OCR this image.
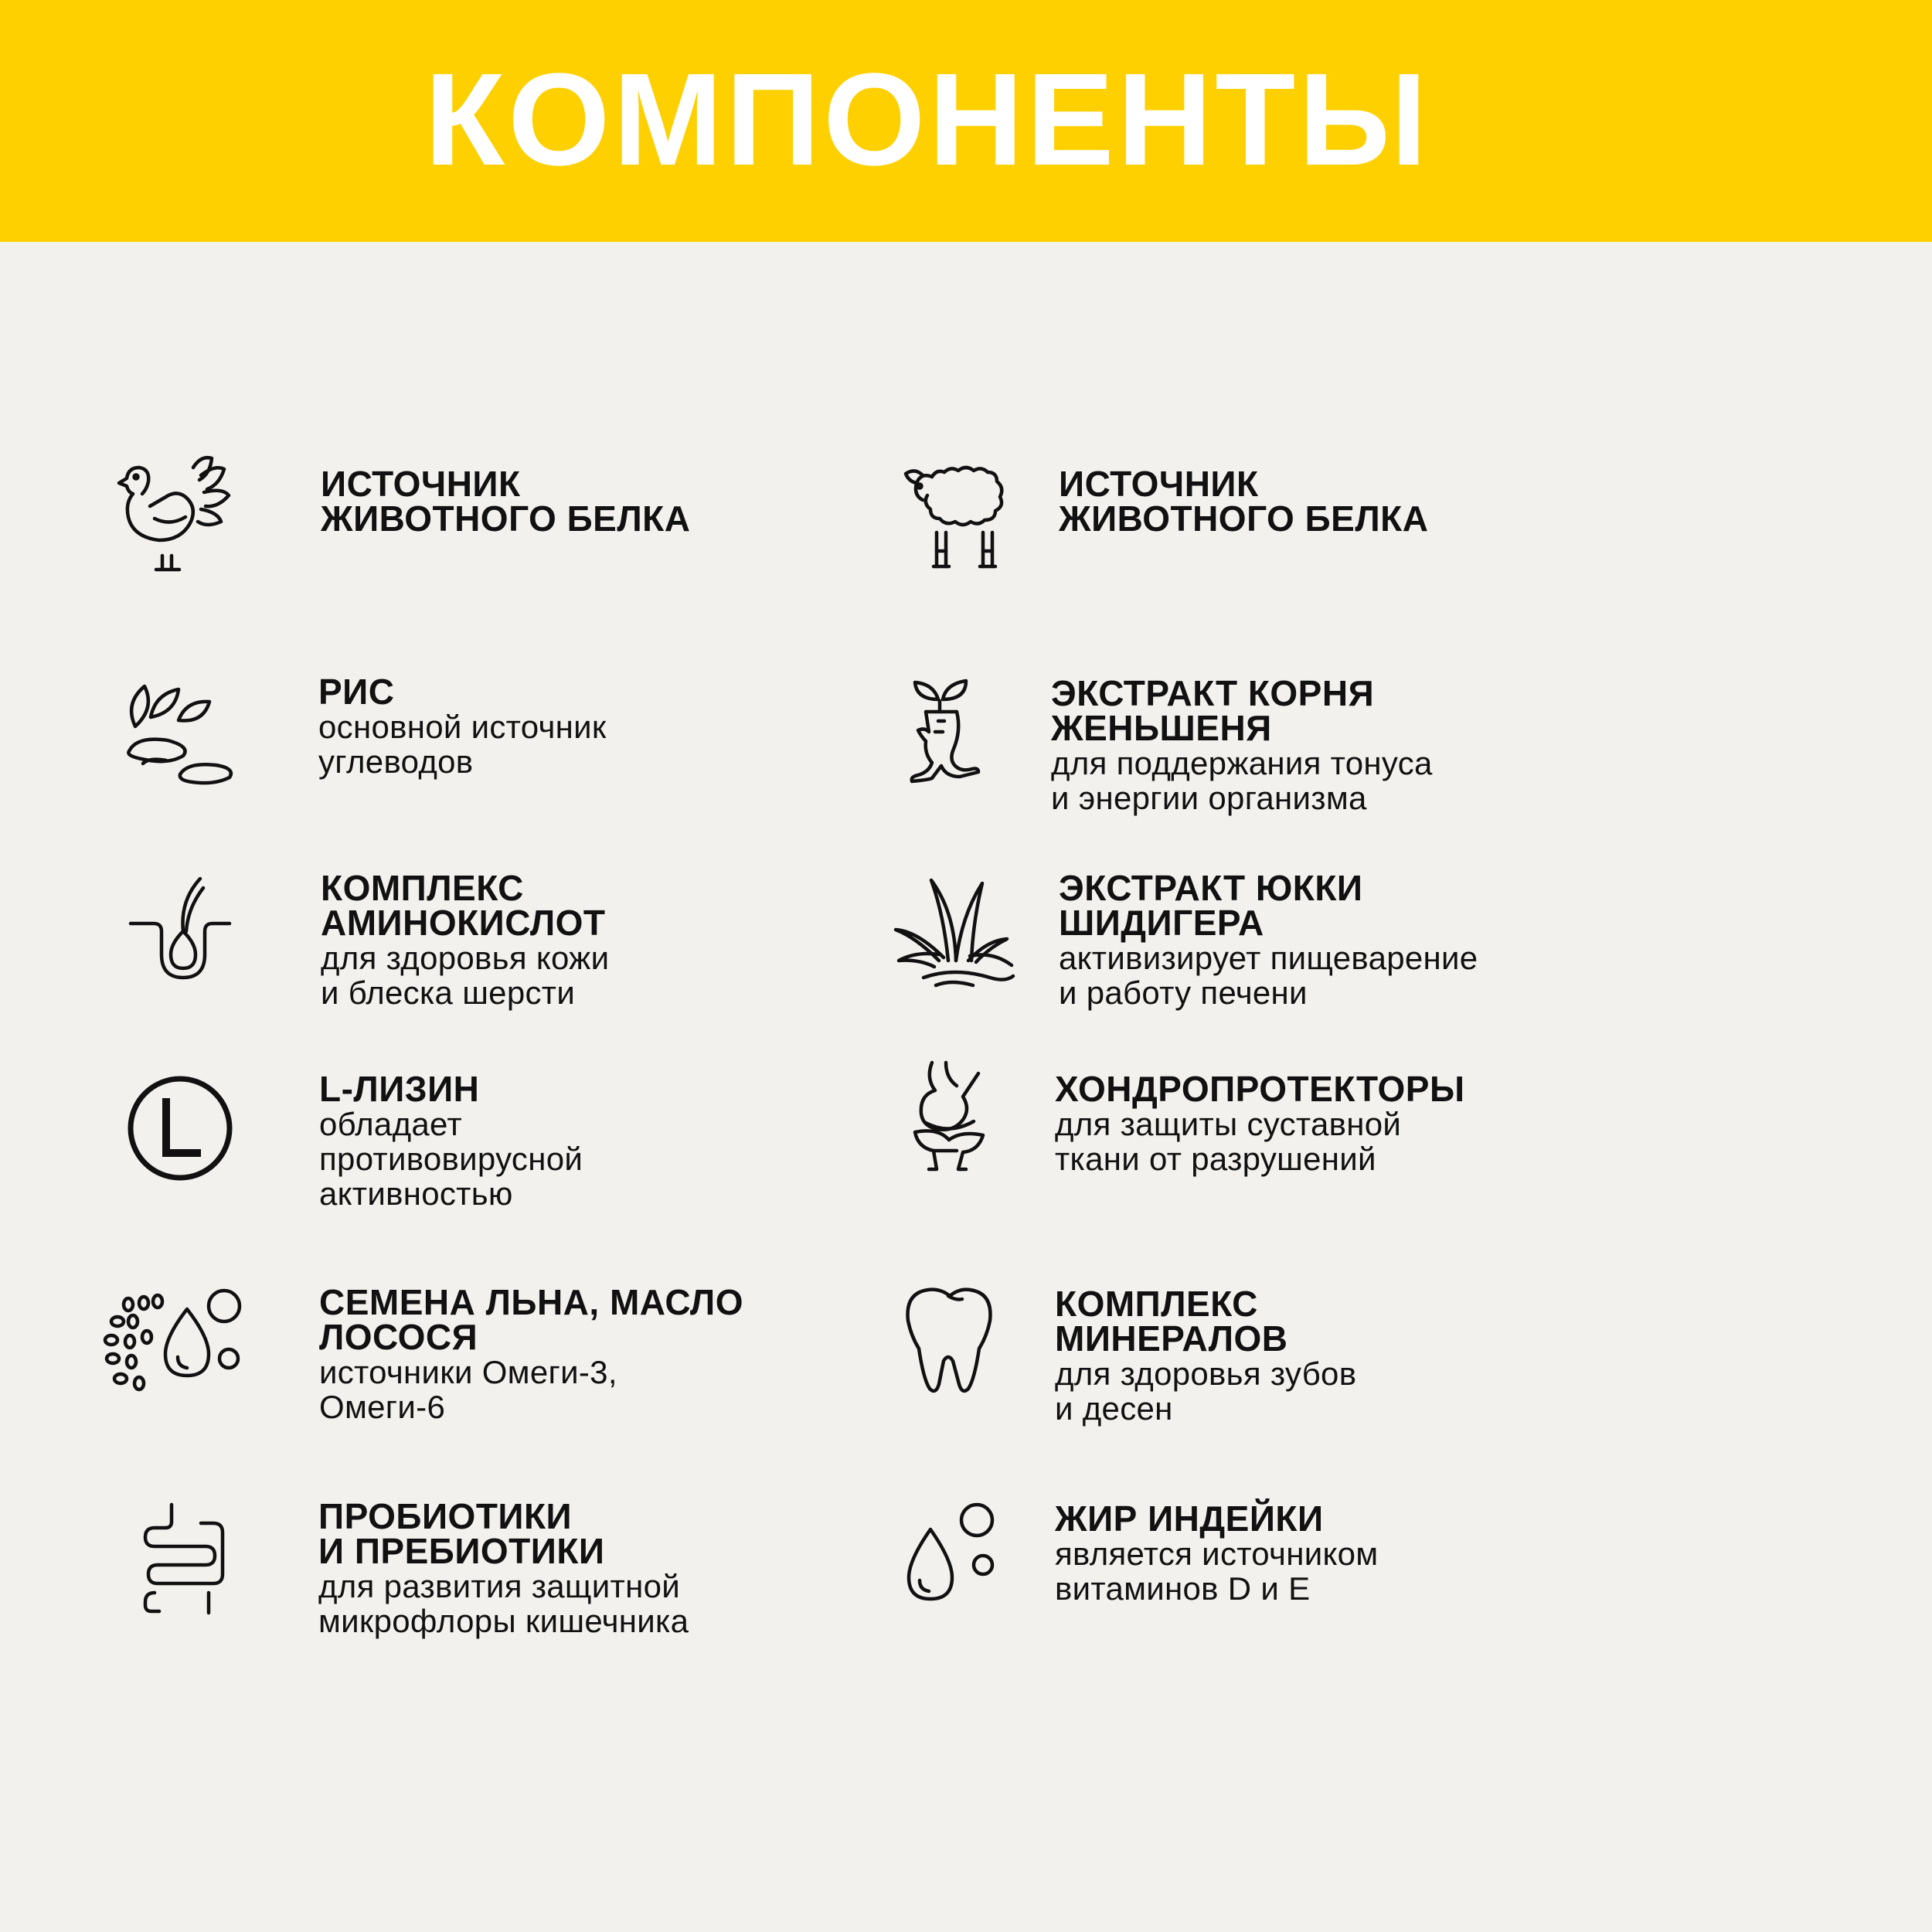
КОМПОНЕНТЫ
ИСТОЧНИК
ЖИВОТНОГО БЕЛКА
ИСТОЧНИК
ЖИВОТНОГО БЕЛКА
РИС
основной источник
углеводов
ЭКСТРАКТ КОРНЯ
ЖЕНЬШЕНЯ
для поддержания тонуса
и энергии организма
КОМПЛЕКС
АМИНОКИСЛОТ
для здоровья кожи
и блеска шерсти
ЭКСТРАКТ ЮККИ
ШИДИГЕРА
активизирует пищеварение
и работу печени
L-ЛИЗИН
обладает
противовирусной
активностью
ХОНДРОПРОТЕКТОРЫ
для защиты суставной
ткани от разрушений
СЕМЕНА ЛЬНА, МАСЛО
ЛОСОСЯ
источники Омеги-3,
Омеги-6
КОМПЛЕКС
МИНЕРАЛОВ
для здоровья зубов
и десен
ПРОБИОТИКИ
И ПРЕБИОТИКИ
для развития защитной
микрофлоры кишечника
ЖИР ИНДЕЙКИ
является источником
витаминов D и E
